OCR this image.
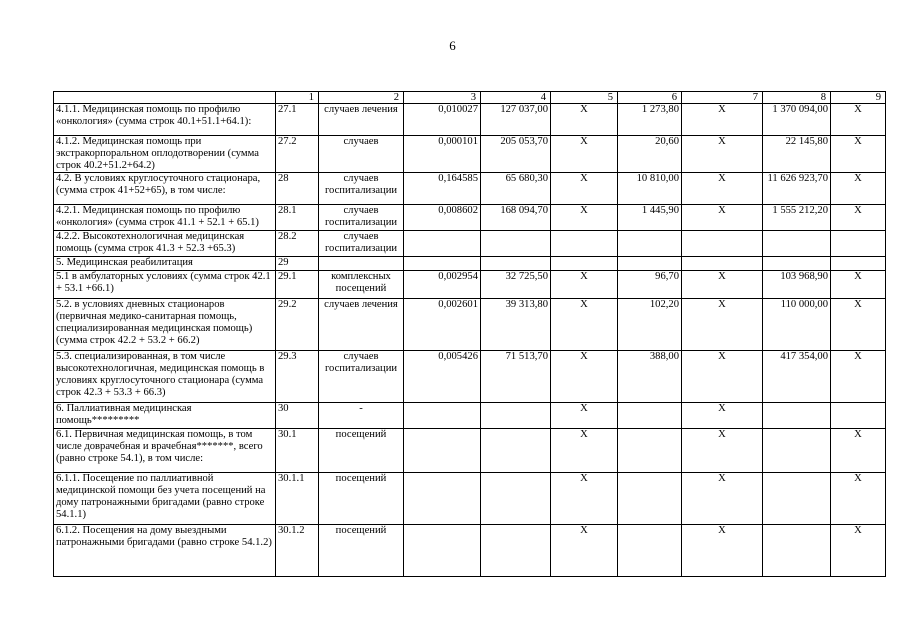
6
	1	2	3	4	5	6	7	8	9
4.1.1. Медицинская помощь по профилю «онкология» (сумма строк 40.1+51.1+64.1):	27.1	случаев лечения	0,010027	127 037,00	X	1 273,80	X	1 370 094,00	X
4.1.2. Медицинская помощь при экстракорпоральном оплодотворении (сумма строк 40.2+51.2+64.2)	27.2	случаев	0,000101	205 053,70	X	20,60	X	22 145,80	X
4.2. В условиях круглосуточного стационара, (сумма строк 41+52+65), в том числе:	28	случаев госпитализации	0,164585	65 680,30	X	10 810,00	X	11 626 923,70	X
4.2.1. Медицинская помощь по профилю «онкология» (сумма строк 41.1 + 52.1 + 65.1)	28.1	случаев госпитализации	0,008602	168 094,70	X	1 445,90	X	1 555 212,20	X
4.2.2. Высокотехнологичная медицинская помощь (сумма строк 41.3 + 52.3 +65.3)	28.2	случаев госпитализации							
5. Медицинская реабилитация	29								
5.1 в амбулаторных условиях (сумма строк 42.1 + 53.1 +66.1)	29.1	комплексных посещений	0,002954	32 725,50	X	96,70	X	103 968,90	X
5.2. в условиях дневных стационаров (первичная медико-санитарная помощь, специализированная медицинская помощь) (сумма строк 42.2 + 53.2 + 66.2)	29.2	случаев лечения	0,002601	39 313,80	X	102,20	X	110 000,00	X
5.3. специализированная, в том числе высокотехнологичная, медицинская помощь в условиях круглосуточного стационара (сумма строк 42.3 + 53.3 + 66.3)	29.3	случаев госпитализации	0,005426	71 513,70	X	388,00	X	417 354,00	X
6. Паллиативная медицинская помощь*********	30	-			X		X		
6.1. Первичная медицинская помощь, в том числе доврачебная и врачебная*******, всего (равно строке 54.1), в том числе:	30.1	посещений			X		X		X
6.1.1. Посещение по паллиативной медицинской помощи без учета посещений на дому патронажными бригадами (равно строке 54.1.1)	30.1.1	посещений			X		X		X
6.1.2. Посещения на дому выездными патронажными бригадами (равно строке 54.1.2)	30.1.2	посещений			X		X		X
